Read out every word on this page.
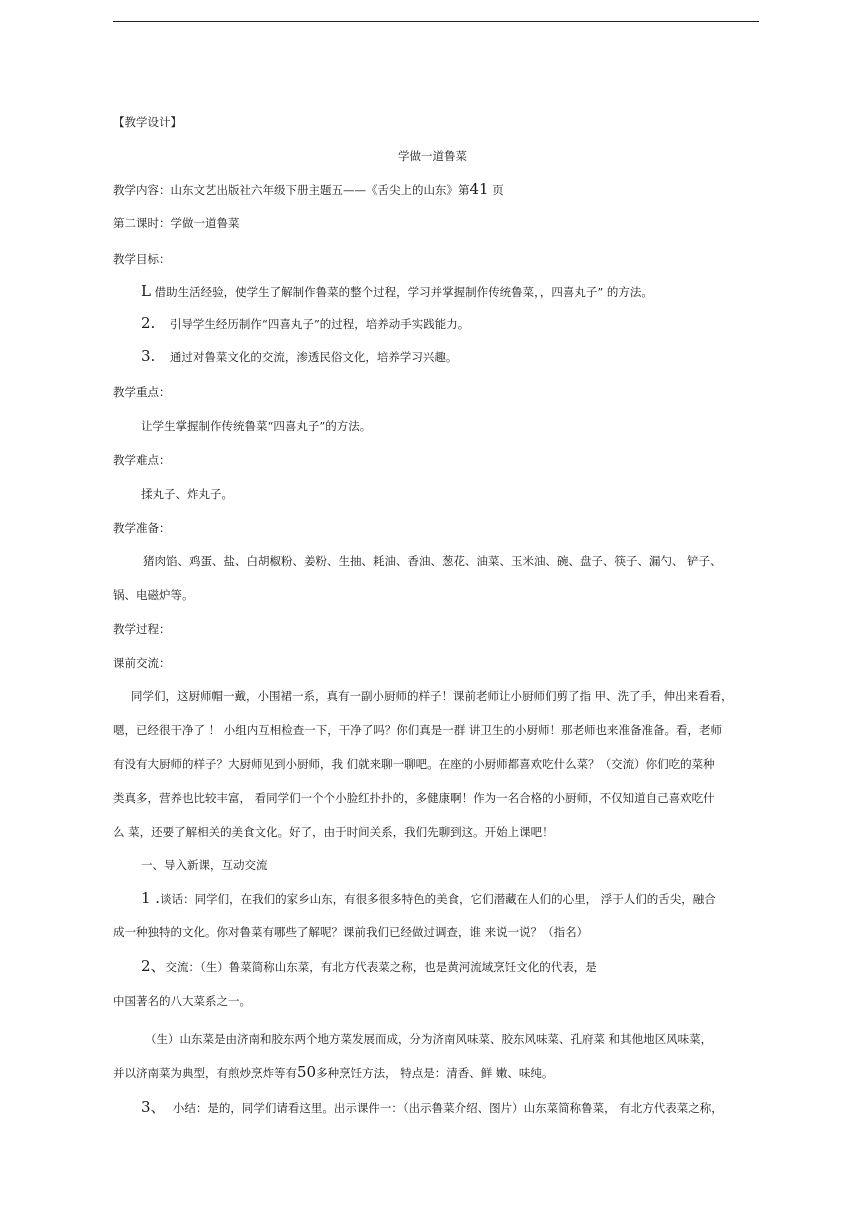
【教学设计】
学做一道鲁菜
教学内容：山东文艺出版社六年级下册主题五——《舌尖上的山东》第41 页
第二课时：学做一道鲁菜
教学目标：
L 借助生活经验，使学生了解制作鲁菜的整个过程，学习并掌握制作传统鲁菜，，四喜丸子” 的方法。
2. 引导学生经历制作“四喜丸子”的过程，培养动手实践能力。
3. 通过对鲁菜文化的交流，渗透民俗文化，培养学习兴趣。
教学重点：
让学生掌握制作传统鲁菜“四喜丸子”的方法。
教学难点：
揉丸子、炸丸子。
教学准备：
猪肉馅、鸡蛋、盐、白胡椒粉、姜粉、生抽、耗油、香油、葱花、油菜、玉米油、碗、盘子、筷子、漏勺、 铲子、
锅、电磁炉等。
教学过程：
课前交流：
同学们，这厨师帽一戴，小围裙一系，真有一副小厨师的样子！课前老师让小厨师们剪了指 甲、洗了手，伸出来看看，
嗯，已经很干净了 ！ 小组内互相检查一下，干净了吗？你们真是一群 讲卫生的小厨师！那老师也来准备准备。看，老师
有没有大厨师的样子？大厨师见到小厨师，我 们就来聊一聊吧。在座的小厨师都喜欢吃什么菜？（交流）你们吃的菜种
类真多，营养也比较丰富， 看同学们一个个小脸红扑扑的，多健康啊！作为一名合格的小厨师，不仅知道自己喜欢吃什
么 菜，还要了解相关的美食文化。好了，由于时间关系，我们先聊到这。开始上课吧！
一、导入新课，互动交流
1 .谈话：同学们，在我们的家乡山东，有很多很多特色的美食，它们潜藏在人们的心里， 浮于人们的舌尖，融合
成一种独特的文化。你对鲁菜有哪些了解呢？课前我们已经做过调查，谁 来说一说？（指名）
2、交流：（生）鲁菜简称山东菜，有北方代表菜之称，也是黄河流域烹饪文化的代表，是
中国著名的八大菜系之一。
（生）山东菜是由济南和胶东两个地方菜发展而成，分为济南风味菜、胶东风味菜、孔府菜 和其他地区风味菜，
并以济南菜为典型，有煎炒烹炸等有50多种烹饪方法， 特点是：清香、鲜 嫩、味纯。
3、 小结：是的，同学们请看这里。出示课件一：（出示鲁菜介绍、图片）山东菜简称鲁菜， 有北方代表菜之称，
